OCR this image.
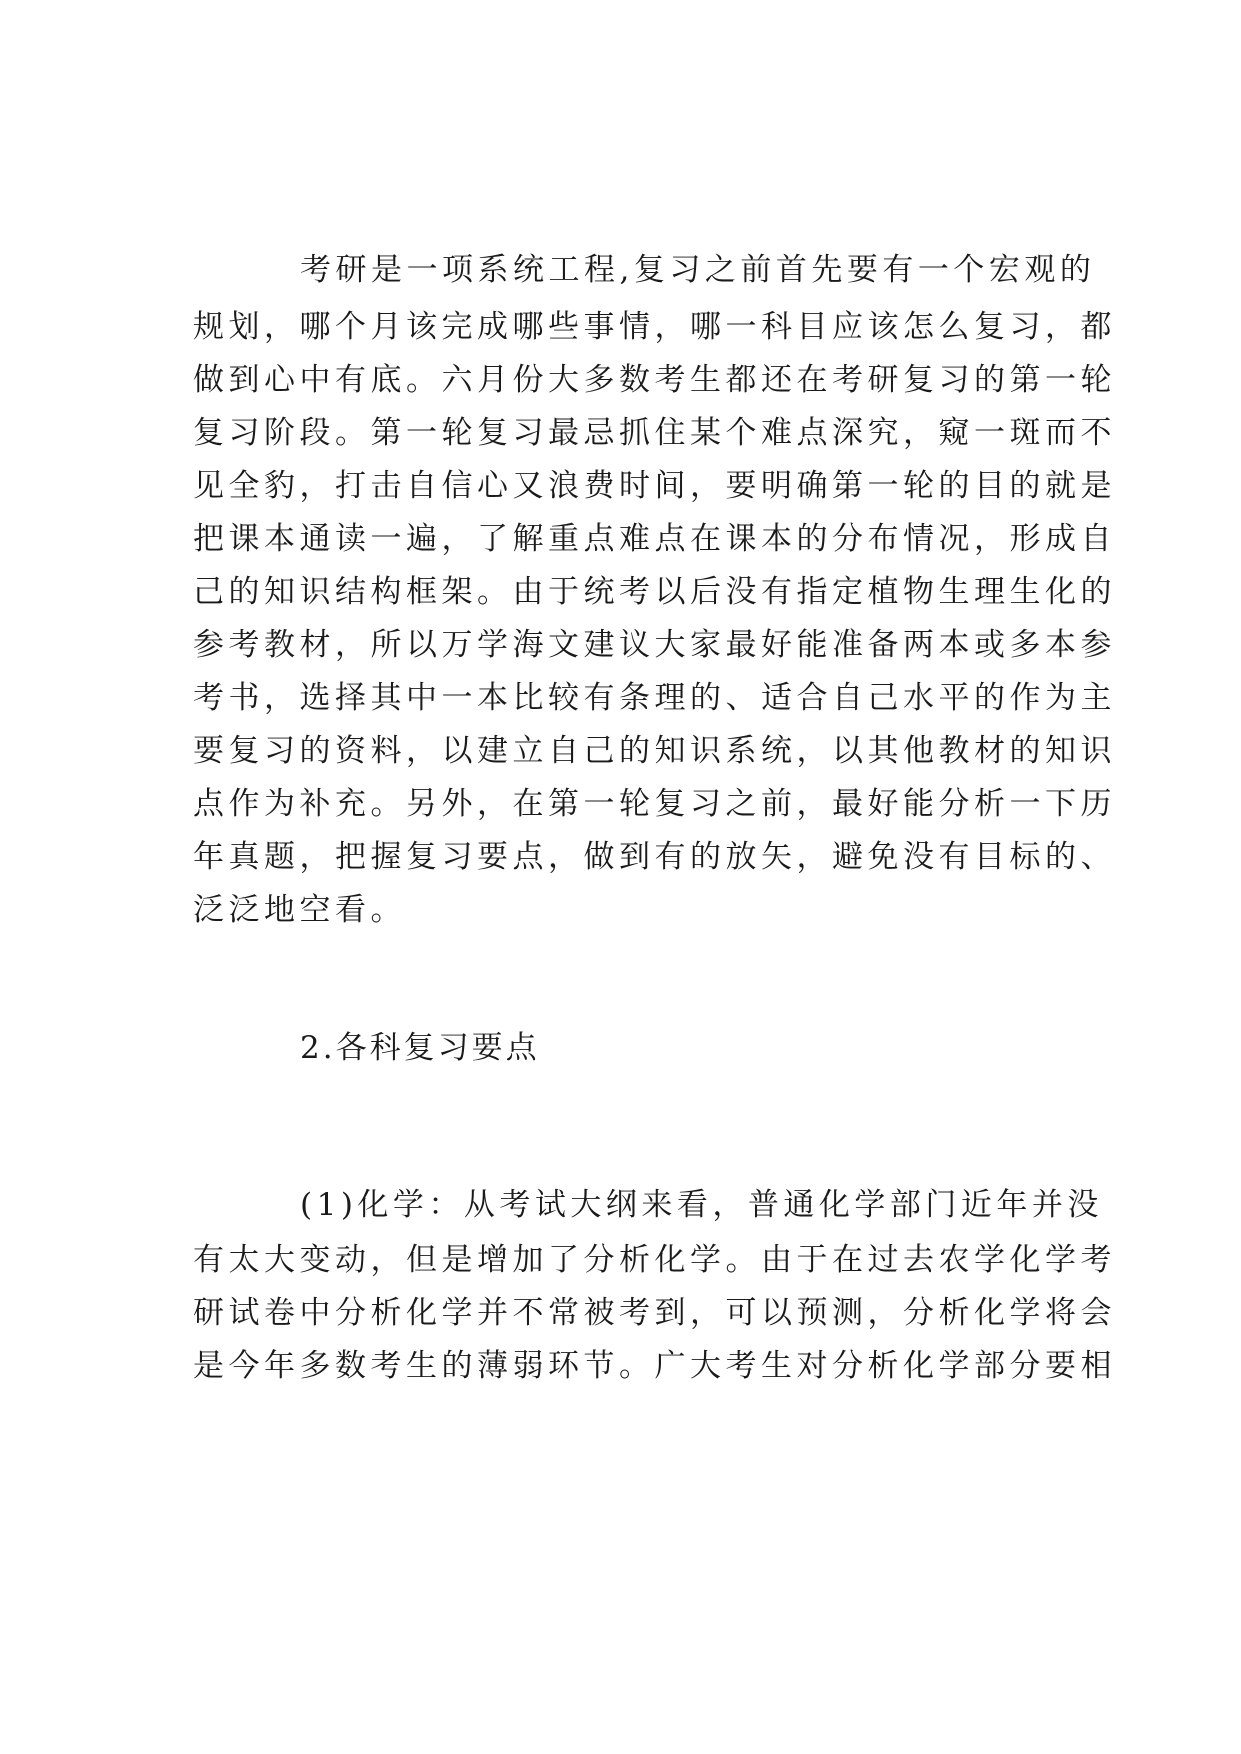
考研是一项系统工程,复习之前首先要有一个宏观的
规划，哪个月该完成哪些事情，哪一科目应该怎么复习，都
做到心中有底。六月份大多数考生都还在考研复习的第一轮
复习阶段。第一轮复习最忌抓住某个难点深究，窥一斑而不
见全豹，打击自信心又浪费时间，要明确第一轮的目的就是
把课本通读一遍，了解重点难点在课本的分布情况，形成自
己的知识结构框架。由于统考以后没有指定植物生理生化的
参考教材，所以万学海文建议大家最好能准备两本或多本参
考书，选择其中一本比较有条理的、适合自己水平的作为主
要复习的资料，以建立自己的知识系统，以其他教材的知识
点作为补充。另外，在第一轮复习之前，最好能分析一下历
年真题，把握复习要点，做到有的放矢，避免没有目标的、
泛泛地空看。
2.各科复习要点
(1)化学：从考试大纲来看，普通化学部门近年并没
有太大变动，但是增加了分析化学。由于在过去农学化学考
研试卷中分析化学并不常被考到，可以预测，分析化学将会
是今年多数考生的薄弱环节。广大考生对分析化学部分要相
